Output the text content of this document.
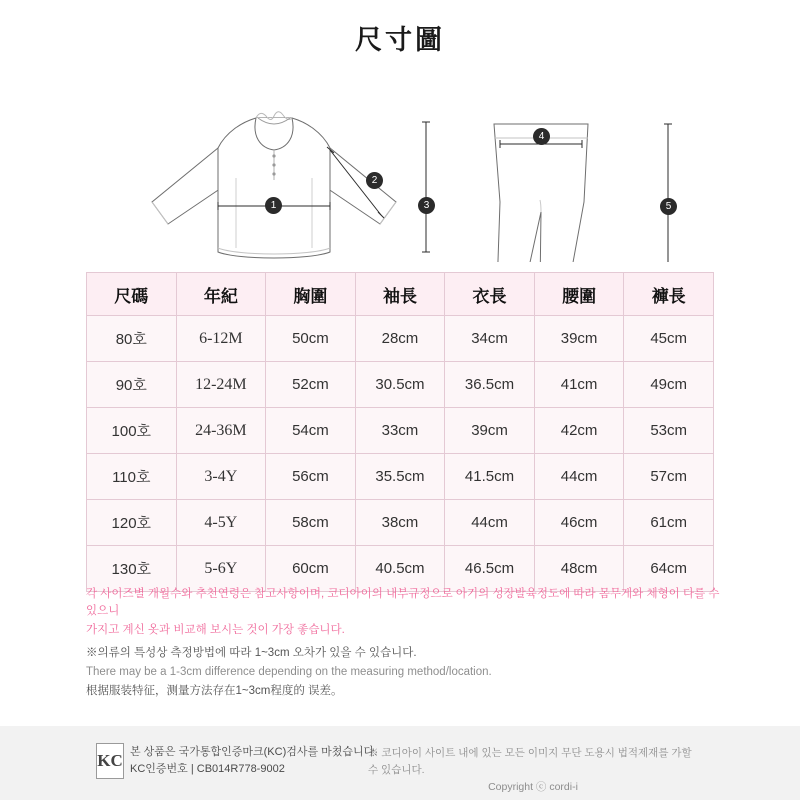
尺寸圖
1
2
3
4
5
尺碼	年紀	胸圍	袖長	衣長	腰圍	褲長
80호	6-12M	50cm	28cm	34cm	39cm	45cm
90호	12-24M	52cm	30.5cm	36.5cm	41cm	49cm
100호	24-36M	54cm	33cm	39cm	42cm	53cm
110호	3-4Y	56cm	35.5cm	41.5cm	44cm	57cm
120호	4-5Y	58cm	38cm	44cm	46cm	61cm
130호	5-6Y	60cm	40.5cm	46.5cm	48cm	64cm

각 사이즈별 개월수와 추천연령은 참고사항이며, 코디아이의 내부규정으로 아기의 성장발육정도에 따라 몸무게와 체형이 다를 수 있으니

가지고 계신 옷과 비교해 보시는 것이 가장 좋습니다.

※의류의 특성상 측정방법에 따라 1~3cm 오차가 있을 수 있습니다.

There may be a 1-3cm difference depending on the measuring method/location.

根据服装特征，测量方法存在1~3cm程度的 误差。

KC 본 상품은 국가통합인증마크(KC)검사를 마쳤습니다.
KC인증번호 | CB014R778-9002
※ 코디아이 사이트 내에 있는 모든 이미지 무단 도용시 법적제재를 가할 수 있습니다.
Copyright ⓒ cordi-i
